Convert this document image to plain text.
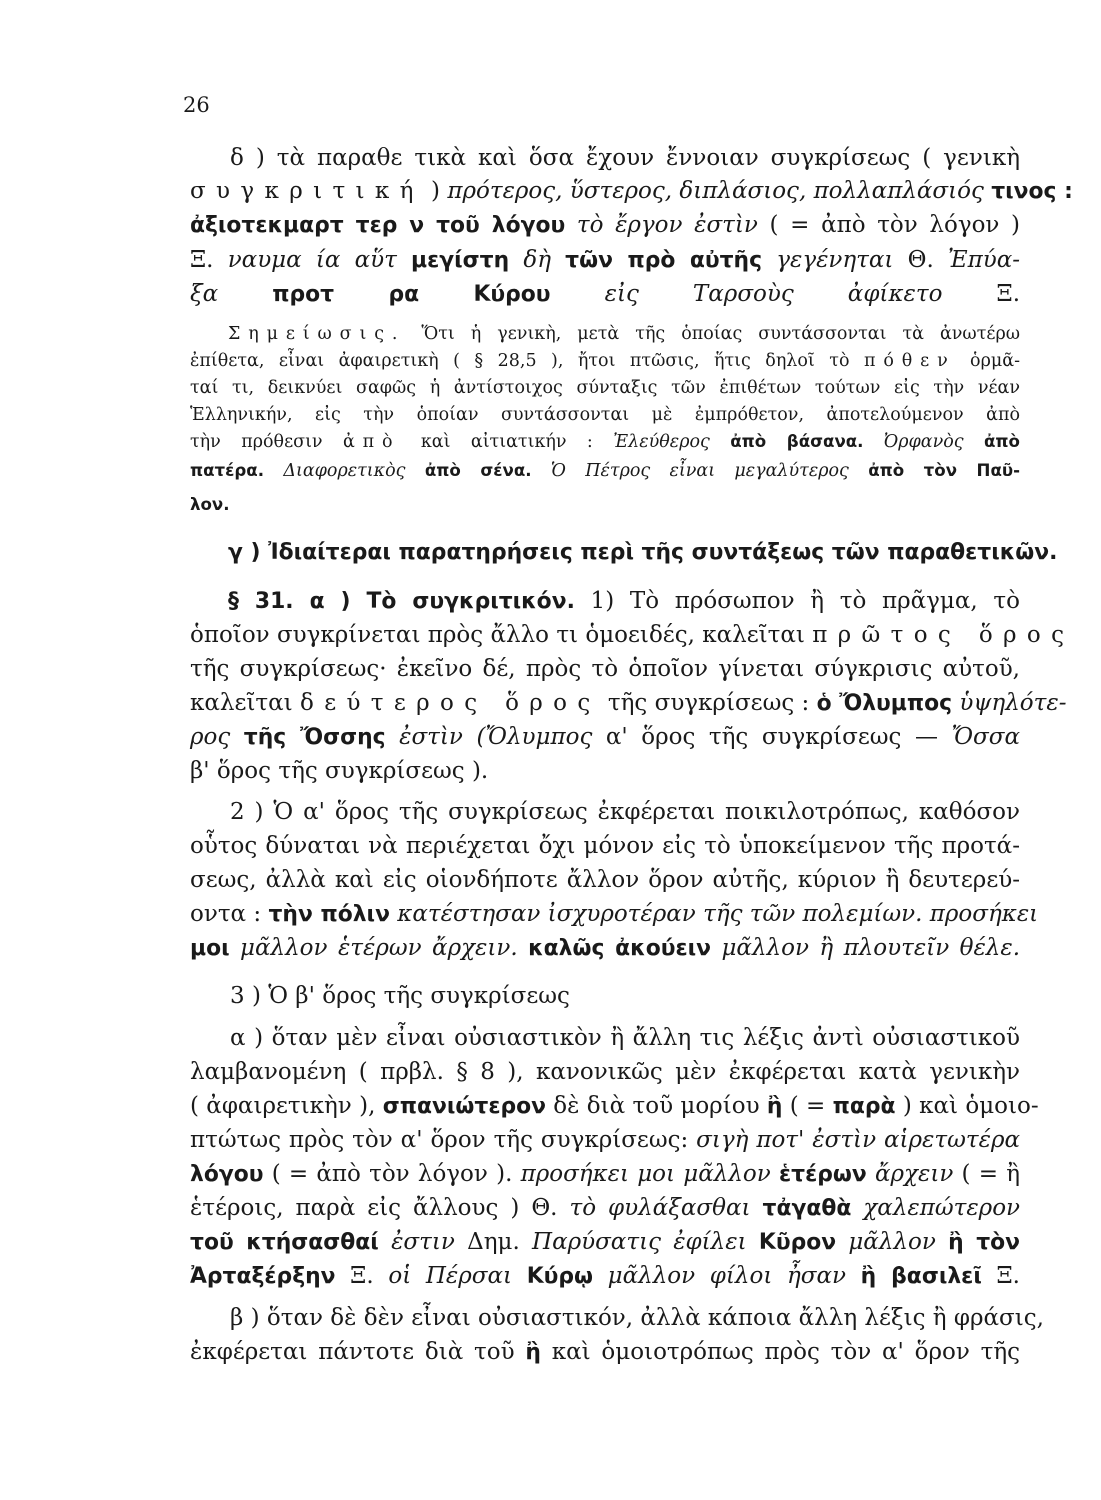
26
δ ) τὰ παραθε τικὰ καὶ ὅσα ἔχουν ἔννοιαν συγκρίσεως ( γενικὴ
συγκριτική ) πρότερος, ὕστερος, διπλάσιος, πολλαπλάσιός τινος :
ἀξιοτεκμαρτ τερ ν τοῦ λόγου τὸ ἔργον ἐστὶν ( = ἀπὸ τὸν λόγον )
Ξ. ναυμα ία αὕτ μεγίστη δὴ τῶν πρὸ αὐτῆς γεγένηται Θ. Ἐπύα-
ξα προτ ρα Κύρου εἰς Ταρσοὺς ἀφίκετο Ξ.
Σημείωσις. Ὅτι ἡ γενικὴ, μετὰ τῆς ὁποίας συντάσσονται τὰ ἀνωτέρω
ἐπίθετα, εἶναι ἀφαιρετικὴ ( § 28,5 ), ἤτοι πτῶσις, ἥτις δηλοῖ τὸ πόθεν ὁρμᾶ-
ταί τι, δεικνύει σαφῶς ἡ ἀντίστοιχος σύνταξις τῶν ἐπιθέτων τούτων εἰς τὴν νέαν
Ἑλληνικήν, εἰς τὴν ὁποίαν συντάσσονται μὲ ἐμπρόθετον, ἀποτελούμενον ἀπὸ
τὴν πρόθεσιν ἀπὸ καὶ αἰτιατικήν : Ἐλεύθερος ἀπὸ βάσανα. Ὀρφανὸς ἀπὸ
πατέρα. Διαφορετικὸς ἀπὸ σένα. Ὁ Πέτρος εἶναι μεγαλύτερος ἀπὸ τὸν Παῦ-
λον.
γ ) Ἰδιαίτεραι παρατηρήσεις περὶ τῆς συντάξεως τῶν παραθετικῶν.
§ 31. α ) Τὸ συγκριτικόν. 1) Τὸ πρόσωπον ἢ τὸ πρᾶγμα, τὸ
ὁποῖον συγκρίνεται πρὸς ἄλλο τι ὁμοειδές, καλεῖται πρῶτος ὅρος
τῆς συγκρίσεως· ἐκεῖνο δέ, πρὸς τὸ ὁποῖον γίνεται σύγκρισις αὐτοῦ,
καλεῖται δεύτερος ὅρος τῆς συγκρίσεως : ὁ Ὄλυμπος ὑψηλότε-
ρος τῆς Ὄσσης ἐστὶν (Ὄλυμπος α' ὅρος τῆς συγκρίσεως — Ὄσσα
β' ὅρος τῆς συγκρίσεως ).
2 ) Ὁ α' ὅρος τῆς συγκρίσεως ἐκφέρεται ποικιλοτρόπως, καθόσον
οὗτος δύναται νὰ περιέχεται ὄχι μόνον εἰς τὸ ὑποκείμενον τῆς προτά-
σεως, ἀλλὰ καὶ εἰς οἱονδήποτε ἄλλον ὅρον αὐτῆς, κύριον ἢ δευτερεύ-
οντα : τὴν πόλιν κατέστησαν ἰσχυροτέραν τῆς τῶν πολεμίων. προσήκει
μοι μᾶλλον ἑτέρων ἄρχειν. καλῶς ἀκούειν μᾶλλον ἢ πλουτεῖν θέλε.
3 ) Ὁ β' ὅρος τῆς συγκρίσεως
α ) ὅταν μὲν εἶναι οὐσιαστικὸν ἢ ἄλλη τις λέξις ἀντὶ οὐσιαστικοῦ
λαμβανομένη ( πρβλ. § 8 ), κανονικῶς μὲν ἐκφέρεται κατὰ γενικὴν
( ἀφαιρετικὴν ), σπανιώτερον δὲ διὰ τοῦ μορίου ἢ ( = παρὰ ) καὶ ὁμοιο-
πτώτως πρὸς τὸν α' ὅρον τῆς συγκρίσεως: σιγὴ ποτ' ἐστὶν αἱρετωτέρα
λόγου ( = ἀπὸ τὸν λόγον ). προσήκει μοι μᾶλλον ἑτέρων ἄρχειν ( = ἢ
ἑτέροις, παρὰ εἰς ἄλλους ) Θ. τὸ φυλάξασθαι τἀγαθὰ χαλεπώτερον
τοῦ κτήσασθαί ἐστιν Δημ. Παρύσατις ἐφίλει Κῦρον μᾶλλον ἢ τὸν
Ἀρταξέρξην Ξ. οἱ Πέρσαι Κύρῳ μᾶλλον φίλοι ἦσαν ἢ βασιλεῖ Ξ.
β ) ὅταν δὲ δὲν εἶναι οὐσιαστικόν, ἀλλὰ κάποια ἄλλη λέξις ἢ φράσις,
ἐκφέρεται πάντοτε διὰ τοῦ ἢ καὶ ὁμοιοτρόπως πρὸς τὸν α' ὅρον τῆς
